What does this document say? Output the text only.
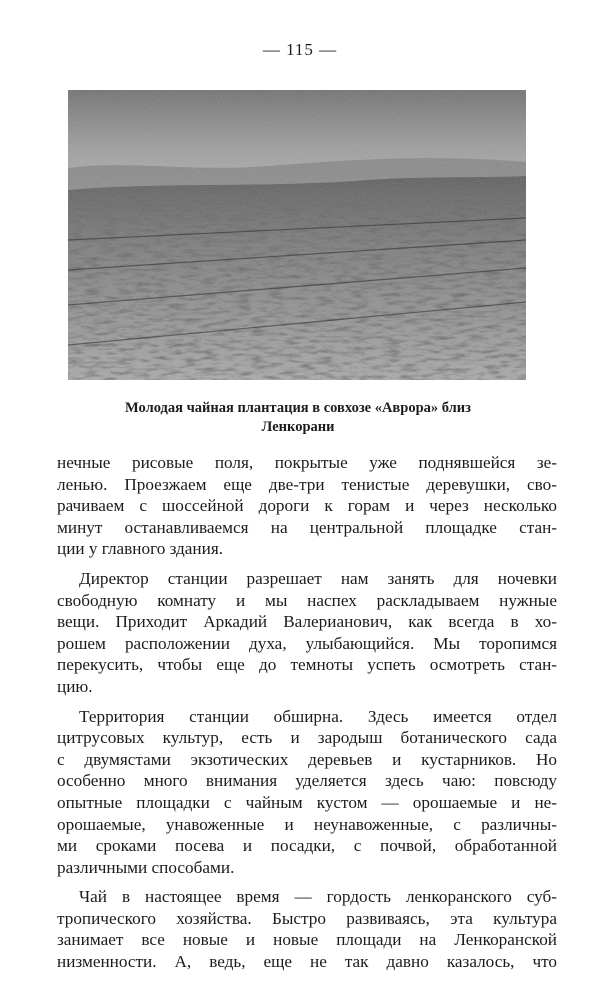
— 115 —
Молодая чайная плантация в совхозе «Аврора» близ
Ленкорани
нечные рисовые поля, покрытые уже поднявшейся зе-
ленью. Проезжаем еще две-три тенистые деревушки, сво-
рачиваем с шоссейной дороги к горам и через несколько
минут останавливаемся на центральной площадке стан-
ции у главного здания.
Директор станции разрешает нам занять для ночевки
свободную комнату и мы наспех раскладываем нужные
вещи. Приходит Аркадий Валерианович, как всегда в хо-
рошем расположении духа, улыбающийся. Мы торопимся
перекусить, чтобы еще до темноты успеть осмотреть стан-
цию.
Территория станции обширна. Здесь имеется отдел
цитрусовых культур, есть и зародыш ботанического сада
с двумястами экзотических деревьев и кустарников. Но
особенно много внимания уделяется здесь чаю: повсюду
опытные площадки с чайным кустом — орошаемые и не-
орошаемые, унавоженные и неунавоженные, с различны-
ми сроками посева и посадки, с почвой, обработанной
различными способами.
Чай в настоящее время — гордость ленкоранского суб-
тропического хозяйства. Быстро развиваясь, эта культура
занимает все новые и новые площади на Ленкоранской
низменности. А, ведь, еще не так давно казалось, что
